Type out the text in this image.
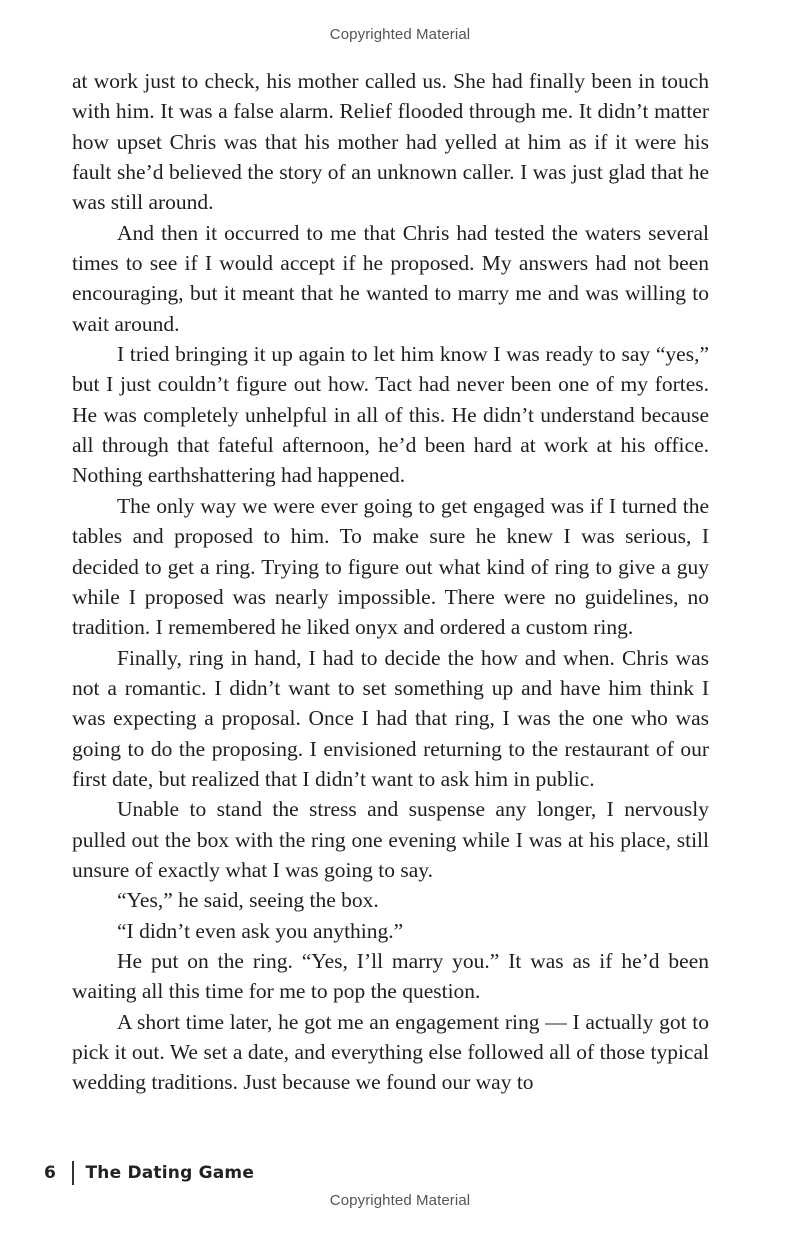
Copyrighted Material

at work just to check, his mother called us. She had finally been in touch with him. It was a false alarm. Relief flooded through me. It didn’t matter how upset Chris was that his mother had yelled at him as if it were his fault she’d believed the story of an unknown caller. I was just glad that he was still around.

And then it occurred to me that Chris had tested the waters several times to see if I would accept if he proposed. My answers had not been encouraging, but it meant that he wanted to marry me and was willing to wait around.

I tried bringing it up again to let him know I was ready to say “yes,” but I just couldn’t figure out how. Tact had never been one of my fortes. He was completely unhelpful in all of this. He didn’t understand because all through that fateful afternoon, he’d been hard at work at his office. Nothing earthshattering had happened.

The only way we were ever going to get engaged was if I turned the tables and proposed to him. To make sure he knew I was serious, I decided to get a ring. Trying to figure out what kind of ring to give a guy while I proposed was nearly impossible. There were no guidelines, no tradition. I remembered he liked onyx and ordered a custom ring.

Finally, ring in hand, I had to decide the how and when. Chris was not a romantic. I didn’t want to set something up and have him think I was expecting a proposal. Once I had that ring, I was the one who was going to do the proposing. I envisioned returning to the restaurant of our first date, but realized that I didn’t want to ask him in public.

Unable to stand the stress and suspense any longer, I nervously pulled out the box with the ring one evening while I was at his place, still unsure of exactly what I was going to say.

“Yes,” he said, seeing the box.

“I didn’t even ask you anything.”

He put on the ring. “Yes, I’ll marry you.” It was as if he’d been waiting all this time for me to pop the question.

A short time later, he got me an engagement ring — I actually got to pick it out. We set a date, and everything else followed all of those typical wedding traditions. Just because we found our way to

6	The Dating Game
Copyrighted Material
